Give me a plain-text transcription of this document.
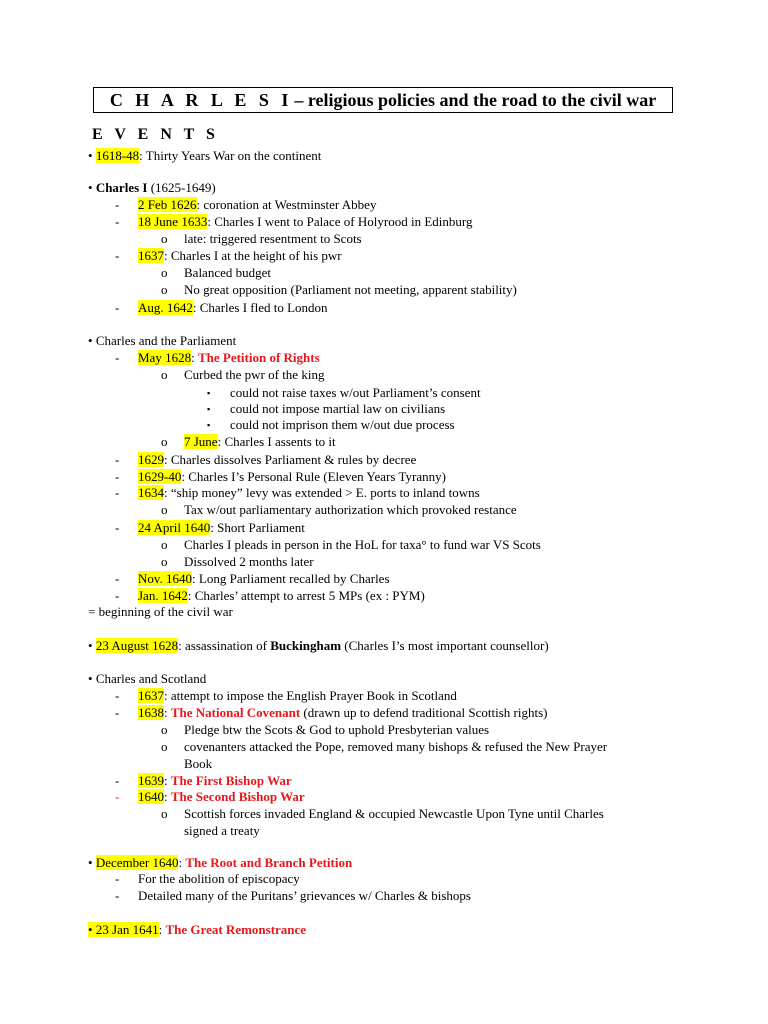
C H A R L E S I – religious policies and the road to the civil war
E V E N T S
• 1618-48: Thirty Years War on the continent
• Charles I (1625-1649)
- 2 Feb 1626: coronation at Westminster Abbey
- 18 June 1633: Charles I went to Palace of Holyrood in Edinburg
o late: triggered resentment to Scots
- 1637: Charles I at the height of his pwr
o Balanced budget
o No great opposition (Parliament not meeting, apparent stability)
- Aug. 1642: Charles I fled to London
• Charles and the Parliament
- May 1628: The Petition of Rights
o Curbed the pwr of the king
▪ could not raise taxes w/out Parliament’s consent
▪ could not impose martial law on civilians
▪ could not imprison them w/out due process
o 7 June: Charles I assents to it
- 1629: Charles dissolves Parliament & rules by decree
- 1629-40: Charles I’s Personal Rule (Eleven Years Tyranny)
- 1634: “ship money” levy was extended > E. ports to inland towns
o Tax w/out parliamentary authorization which provoked restance
- 24 April 1640: Short Parliament
o Charles I pleads in person in the HoL for taxa° to fund war VS Scots
o Dissolved 2 months later
- Nov. 1640: Long Parliament recalled by Charles
- Jan. 1642: Charles’ attempt to arrest 5 MPs (ex : PYM)
= beginning of the civil war
• 23 August 1628: assassination of Buckingham (Charles I’s most important counsellor)
• Charles and Scotland
- 1637: attempt to impose the English Prayer Book in Scotland
- 1638: The National Covenant (drawn up to defend traditional Scottish rights)
o Pledge btw the Scots & God to uphold Presbyterian values
o covenanters attacked the Pope, removed many bishops & refused the New Prayer
Book
- 1639: The First Bishop War
- 1640: The Second Bishop War
o Scottish forces invaded England & occupied Newcastle Upon Tyne until Charles
signed a treaty
• December 1640: The Root and Branch Petition
- For the abolition of episcopacy
- Detailed many of the Puritans’ grievances w/ Charles & bishops
• 23 Jan 1641: The Great Remonstrance
